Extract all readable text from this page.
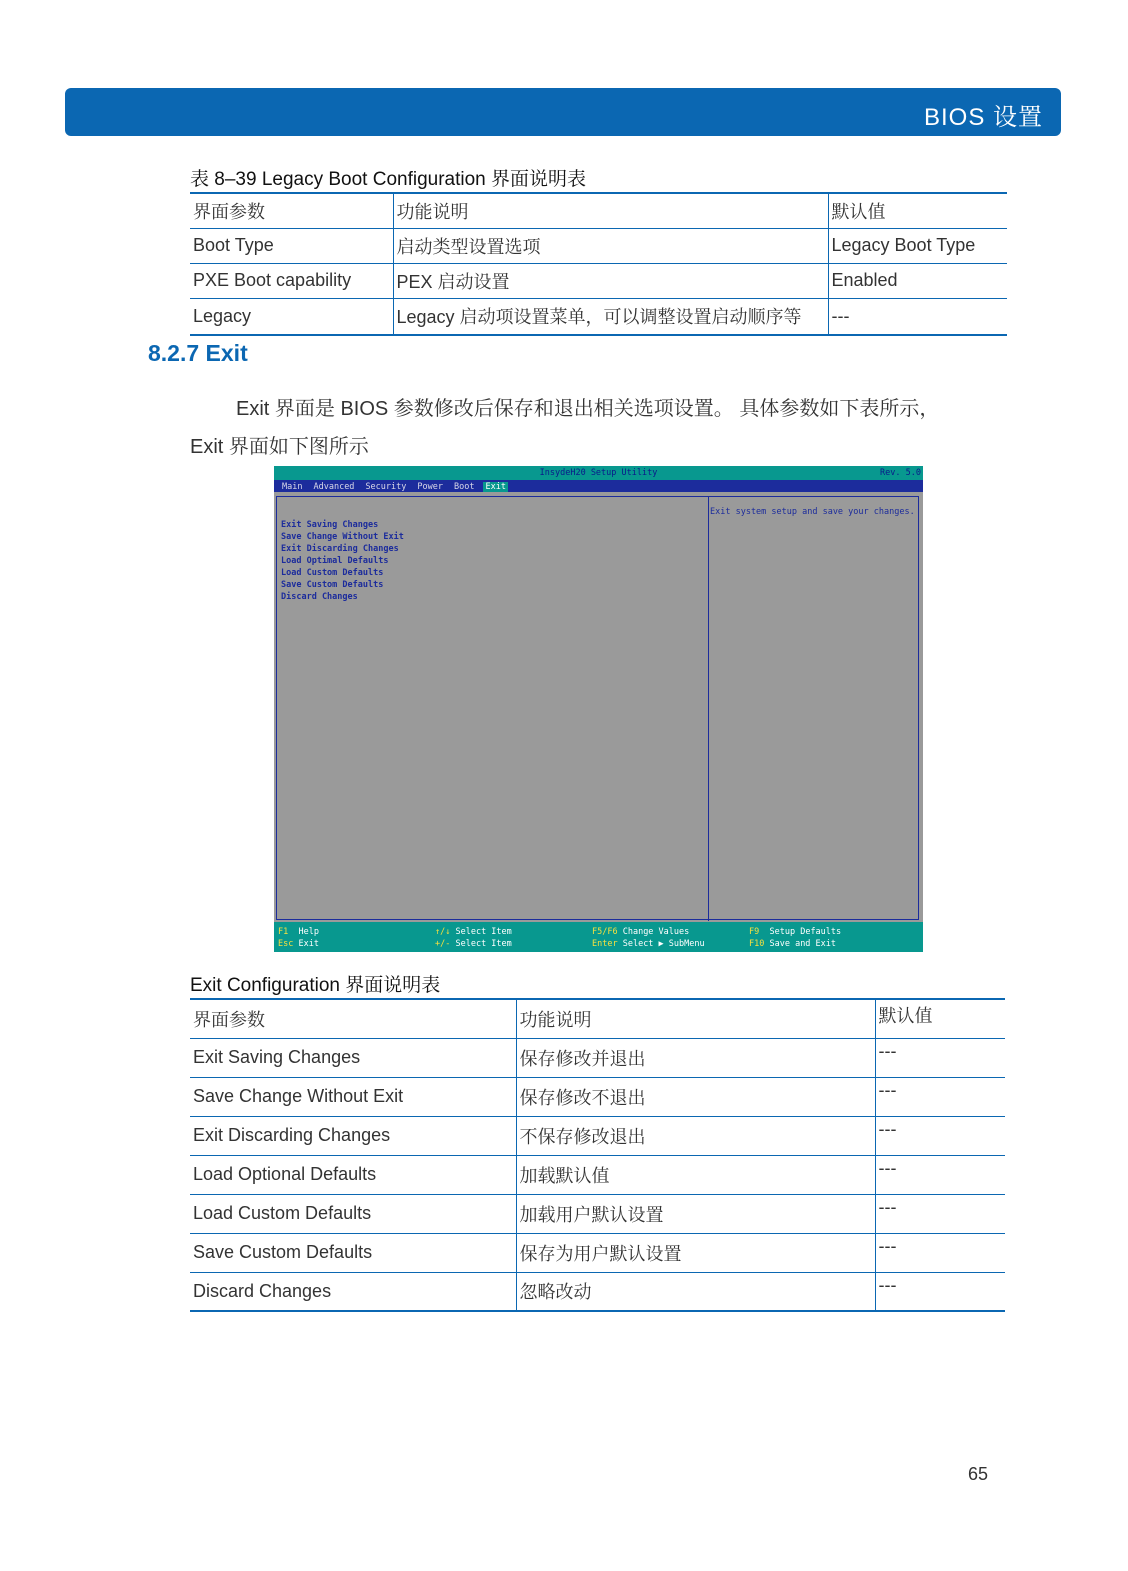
BIOS 设置
表 8–39 Legacy Boot Configuration 界面说明表
界面参数	功能说明	默认值
Boot Type	启动类型设置选项	Legacy Boot Type
PXE Boot capability	PEX 启动设置	Enabled
Legacy	Legacy 启动项设置菜单，可以调整设置启动顺序等	---
8.2.7 Exit
Exit 界面是 BIOS 参数修改后保存和退出相关选项设置。 具体参数如下表所示，
Exit 界面如下图所示
InsydeH20 Setup Utility	Rev. 5.0
Main Advanced Security Power Boot Exit
Exit Saving Changes
Save Change Without Exit
Exit Discarding Changes
Load Optimal Defaults
Load Custom Defaults
Save Custom Defaults
Discard Changes
Exit system setup and save your changes.
F1 Help
Esc Exit
↑/↓ Select Item
+/- Select Item
F5/F6 Change Values
Enter Select ▶ SubMenu
F9 Setup Defaults
F10 Save and Exit
Exit Configuration 界面说明表
界面参数	功能说明	默认值
Exit Saving Changes	保存修改并退出	---
Save Change Without Exit	保存修改不退出	---
Exit Discarding Changes	不保存修改退出	---
Load Optional Defaults	加载默认值	---
Load Custom Defaults	加载用户默认设置	---
Save Custom Defaults	保存为用户默认设置	---
Discard Changes	忽略改动	---
65
